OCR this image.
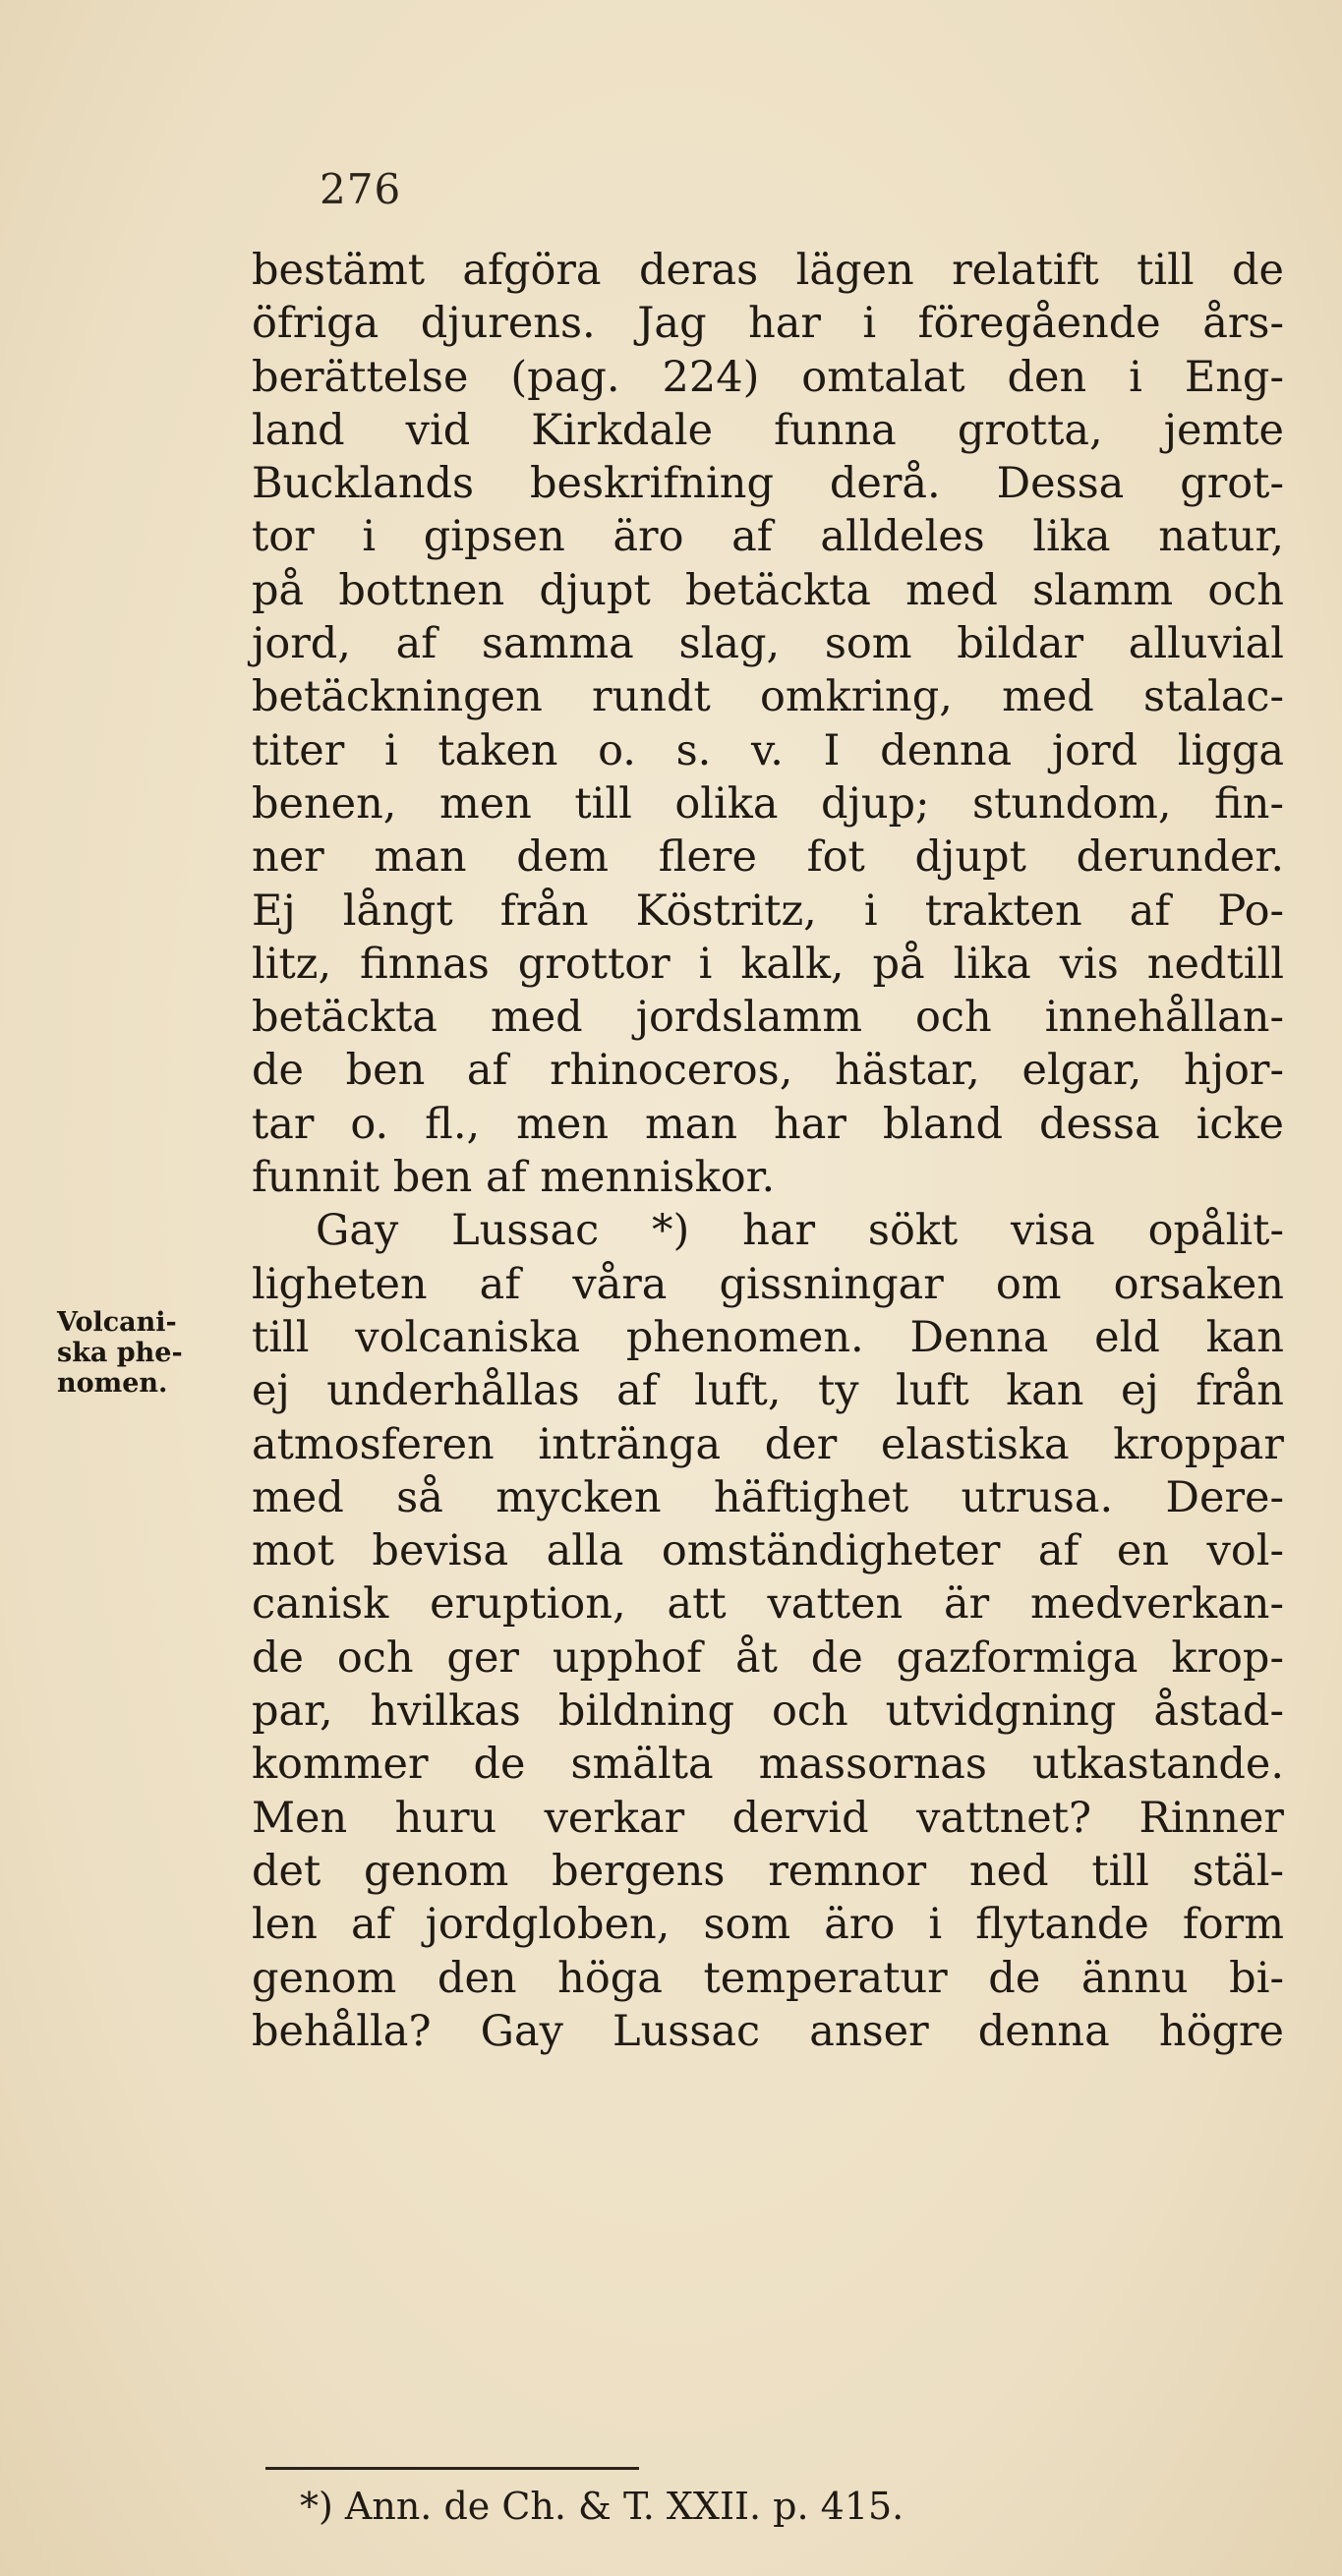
276
Volcani-
ska phe-
nomen.
bestämt afgöra deras lägen relatift till de
öfriga djurens. Jag har i föregående års-
berättelse (pag. 224) omtalat den i Eng-
land vid Kirkdale funna grotta, jemte
Bucklands beskrifning derå. Dessa grot-
tor i gipsen äro af alldeles lika natur,
på bottnen djupt betäckta med slamm och
jord, af samma slag, som bildar alluvial
betäckningen rundt omkring, med stalac-
titer i taken o. s. v. I denna jord ligga
benen, men till olika djup; stundom, fin-
ner man dem flere fot djupt derunder.
Ej långt från Köstritz, i trakten af Po-
litz, finnas grottor i kalk, på lika vis nedtill
betäckta med jordslamm och innehållan-
de ben af rhinoceros, hästar, elgar, hjor-
tar o. fl., men man har bland dessa icke
funnit ben af menniskor.
Gay Lussac *) har sökt visa opålit-
ligheten af våra gissningar om orsaken
till volcaniska phenomen. Denna eld kan
ej underhållas af luft, ty luft kan ej från
atmosferen intränga der elastiska kroppar
med så mycken häftighet utrusa. Dere-
mot bevisa alla omständigheter af en vol-
canisk eruption, att vatten är medverkan-
de och ger upphof åt de gazformiga krop-
par, hvilkas bildning och utvidgning åstad-
kommer de smälta massornas utkastande.
Men huru verkar dervid vattnet? Rinner
det genom bergens remnor ned till stäl-
len af jordgloben, som äro i flytande form
genom den höga temperatur de ännu bi-
behålla? Gay Lussac anser denna högre
*) Ann. de Ch. & T. XXII. p. 415.
